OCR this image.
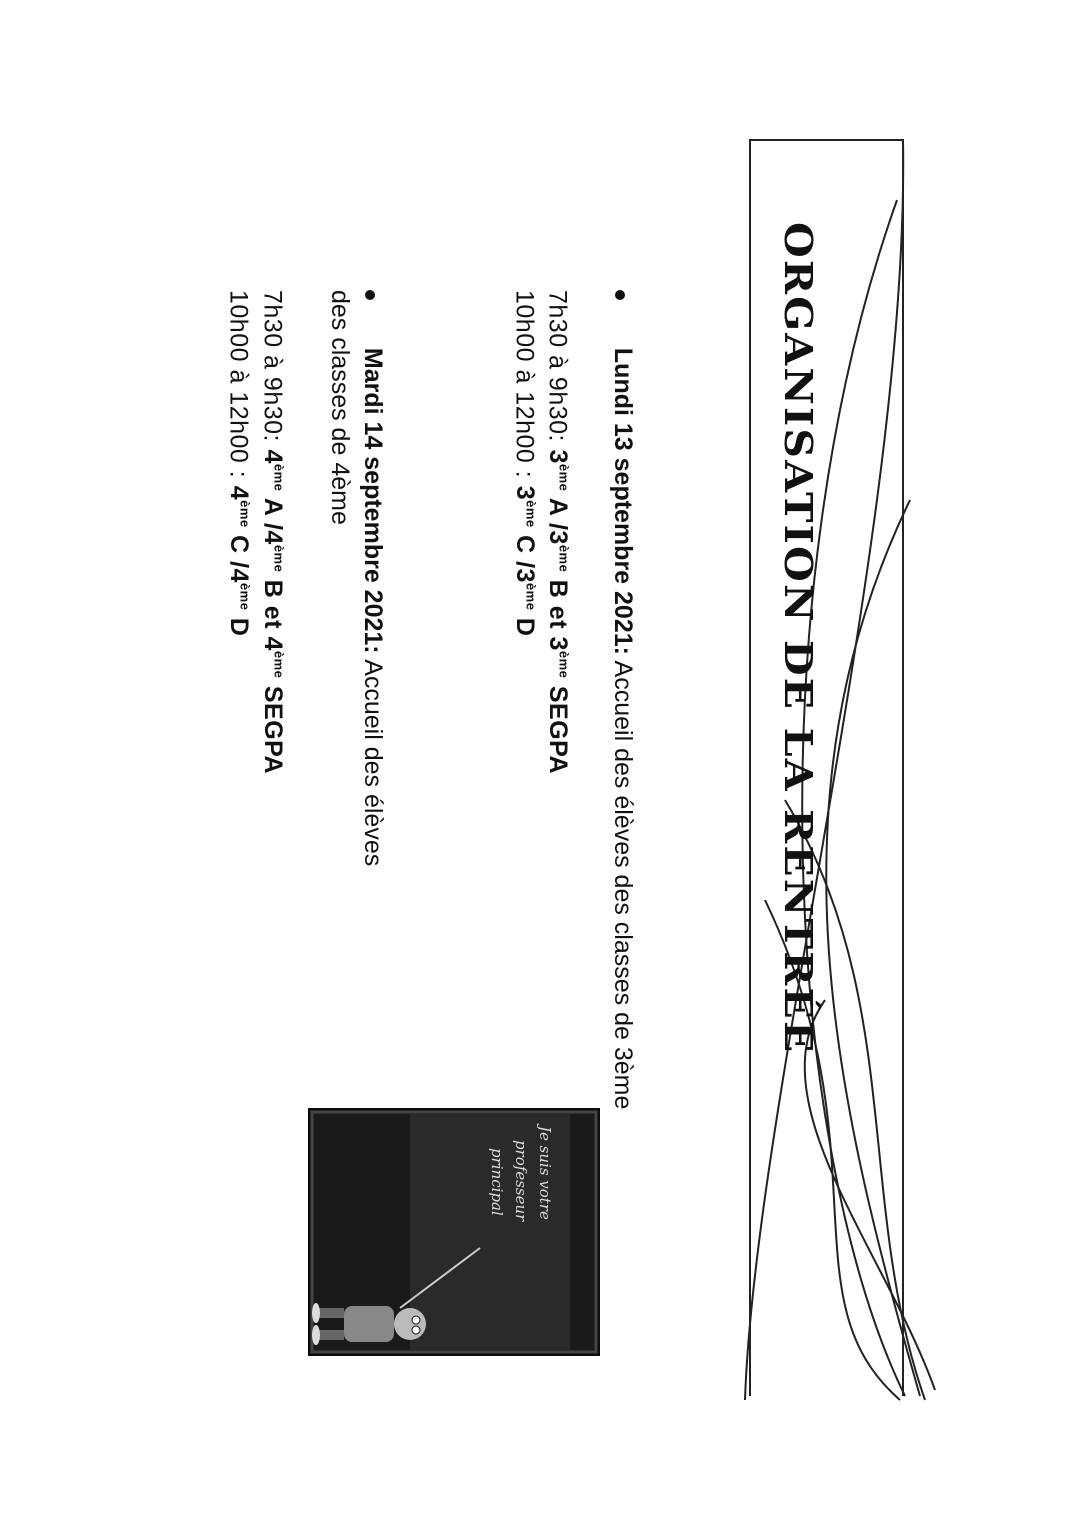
ORGANISATION DE LA RENTRÉE
Lundi 13 septembre 2021: Accueil des élèves des classes de 3ème
7h30 à 9h30: 3ème A /3ème B et 3ème SEGPA
10h00 à 12h00 : 3ème C /3ème D
Mardi 14 septembre 2021: Accueil des élèves
des classes de 4ème
7h30 à 9h30: 4ème A /4ème B et 4ème SEGPA
10h00 à 12h00 : 4ème C /4ème D
Je suis votre
professeur
principal
